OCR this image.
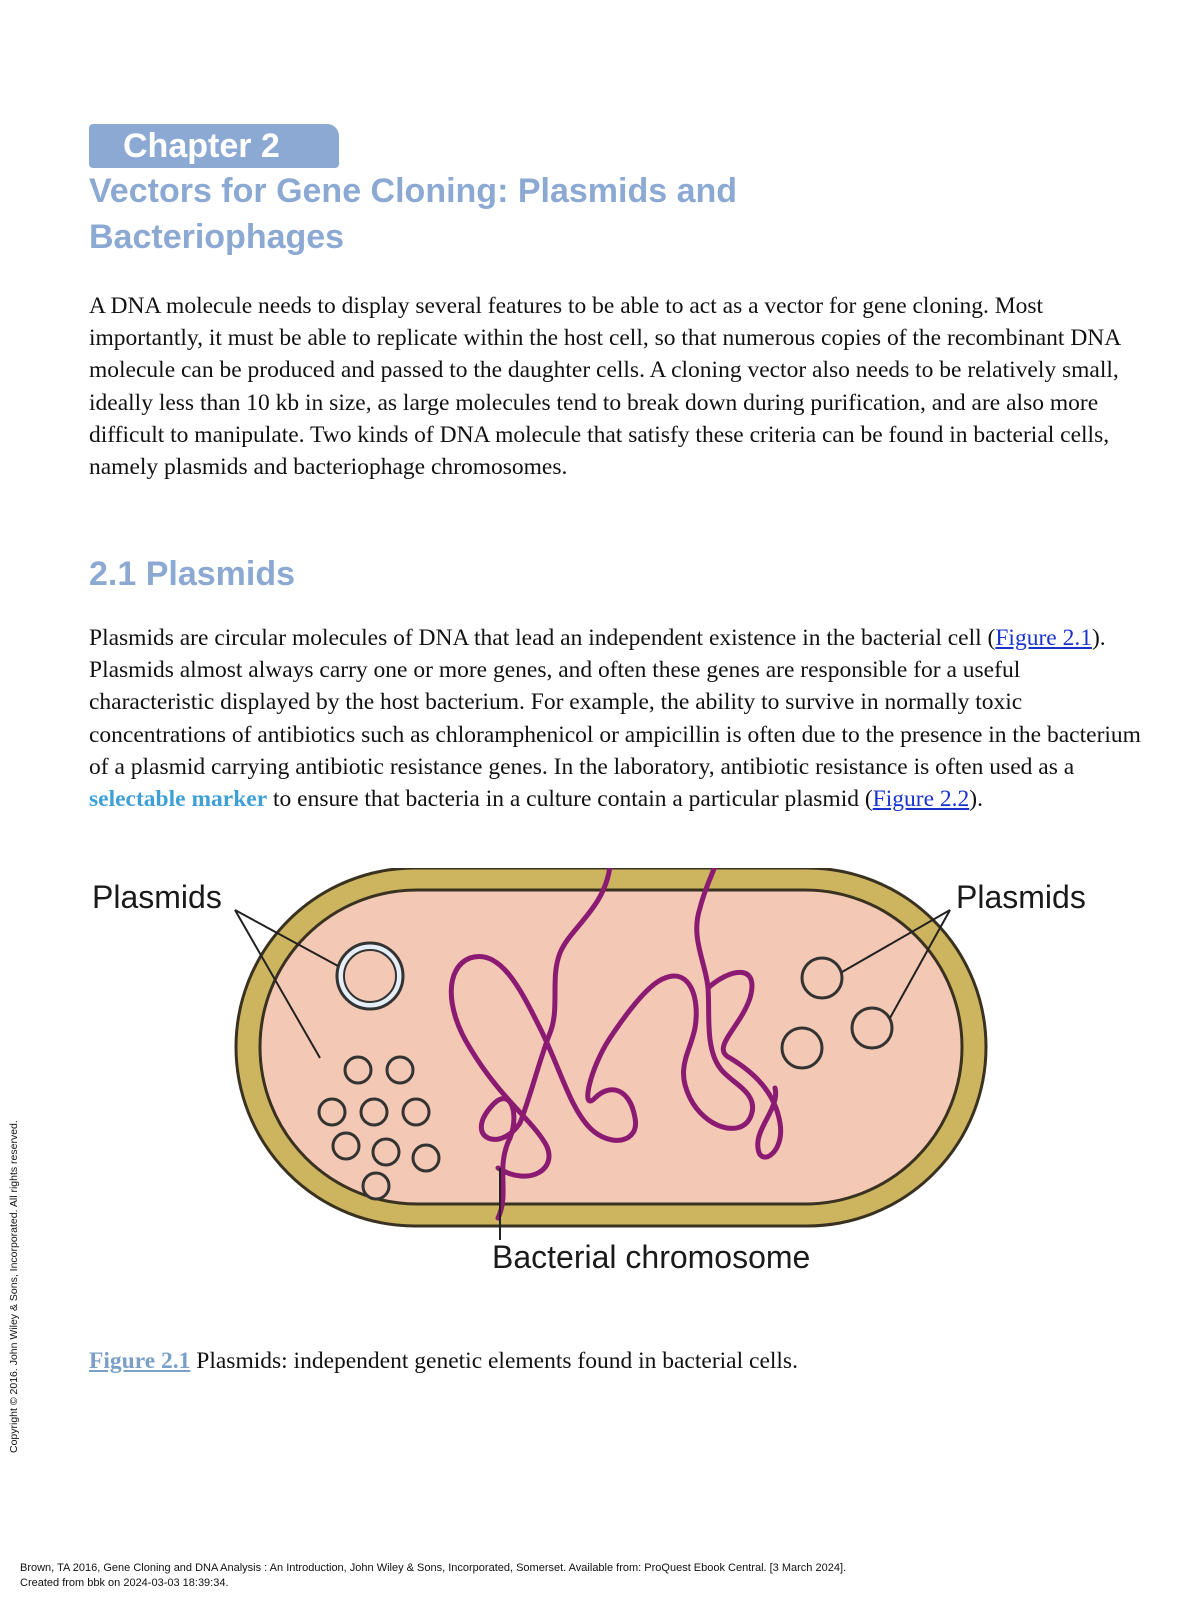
Chapter 2
Vectors for Gene Cloning: Plasmids and Bacteriophages

A DNA molecule needs to display several features to be able to act as a vector for gene cloning. Most importantly, it must be able to replicate within the host cell, so that numerous copies of the recombinant DNA molecule can be produced and passed to the daughter cells. A cloning vector also needs to be relatively small, ideally less than 10 kb in size, as large molecules tend to break down during purification, and are also more difficult to manipulate. Two kinds of DNA molecule that satisfy these criteria can be found in bacterial cells, namely plasmids and bacteriophage chromosomes.

2.1 Plasmids

Plasmids are circular molecules of DNA that lead an independent existence in the bacterial cell (Figure 2.1). Plasmids almost always carry one or more genes, and often these genes are responsible for a useful characteristic displayed by the host bacterium. For example, the ability to survive in normally toxic concentrations of antibiotics such as chloramphenicol or ampicillin is often due to the presence in the bacterium of a plasmid carrying antibiotic resistance genes. In the laboratory, antibiotic resistance is often used as a selectable marker to ensure that bacteria in a culture contain a particular plasmid (Figure 2.2).

Plasmids	Plasmids
Bacterial chromosome

Figure 2.1 Plasmids: independent genetic elements found in bacterial cells.

Copyright © 2016. John Wiley & Sons, Incorporated. All rights reserved.
Brown, TA 2016, Gene Cloning and DNA Analysis : An Introduction, John Wiley & Sons, Incorporated, Somerset. Available from: ProQuest Ebook Central. [3 March 2024].
Created from bbk on 2024-03-03 18:39:34.
